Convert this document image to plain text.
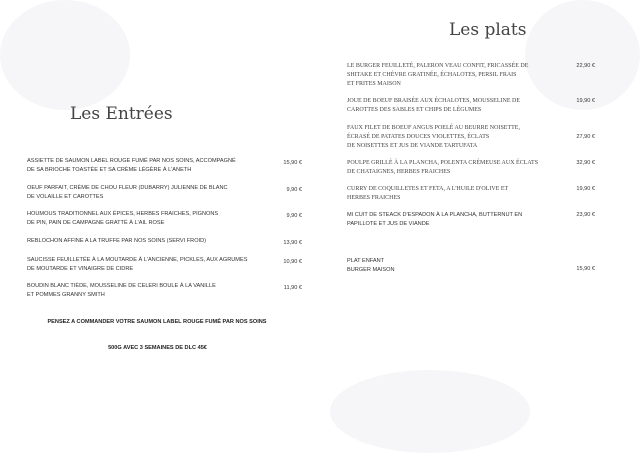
Les Entrées
ASSIETTE DE SAUMON LABEL ROUGE FUMÉ PAR NOS SOINS, ACCOMPAGNÉ
DE SA BRIOCHE TOASTÉE ET SA CRÈME LÉGÈRE À L'ANETH
15,90 €
OEUF PARFAIT, CRÈME DE CHOU FLEUR (DUBARRY) JULIENNE DE BLANC
DE VOLAILLE ET CAROTTES
9,90 €
HOUMOUS TRADITIONNEL AUX ÉPICES, HERBES FRAICHES, PIGNONS
DE PIN, PAIN DE CAMPAGNE GRATTÉ À L'AIL ROSE
9,90 €
REBLOCHON AFFINE A LA TRUFFE PAR NOS SOINS (SERVI FROID)	13,90 €
SAUCISSE FEUILLETÉE À LA MOUTARDE À L'ANCIENNE, PICKLES, AUX AGRUMES
DE MOUTARDE ET VINAIGRE DE CIDRE
10,90 €
BOUDIN BLANC TIÈDE, MOUSSELINE DE CELERI BOULE À LA VANILLE
ET POMMES GRANNY SMITH
11,90 €
PENSEZ A COMMANDER VOTRE SAUMON LABEL ROUGE FUMÉ PAR NOS SOINS
500G AVEC 3 SEMAINES DE DLC 45€
Les plats
LE BURGER FEUILLETÉ, PALERON VEAU CONFIT, FRICASSÉE DE
SHITAKE ET CHÈVRE GRATINÉE, ÉCHALOTES, PERSIL FRAIS
ET FRITES MAISON
22,90 €
JOUE DE BOEUF BRAISÉE AUX ÉCHALOTES, MOUSSELINE DE
CAROTTES DES SABLES ET CHIPS DE LÉGUMES
19,90 €
FAUX FILET DE BOEUF ANGUS POELÉ AU BEURRE NOISETTE,
ÉCRASÉ DE PATATES DOUCES VIOLETTES, ÉCLATS
DE NOISETTES ET JUS DE VIANDE TARTUFATA
27,90 €
POULPE GRILLÉ À LA PLANCHA, POLENTA CRÉMEUSE AUX ÉCLATS
DE CHATAIGNES, HERBES FRAICHES
32,90 €
CURRY DE COQUILLETES ET FETA, A L'HUILE D'OLIVE ET
HERBES FRAICHES
19,90 €
MI CUIT DE STEACK D'ESPADON À LA PLANCHA, BUTTERNUT EN
PAPILLOTE ET JUS DE VIANDE
23,90 €
PLAT ENFANT
BURGER MAISON	15,90 €
